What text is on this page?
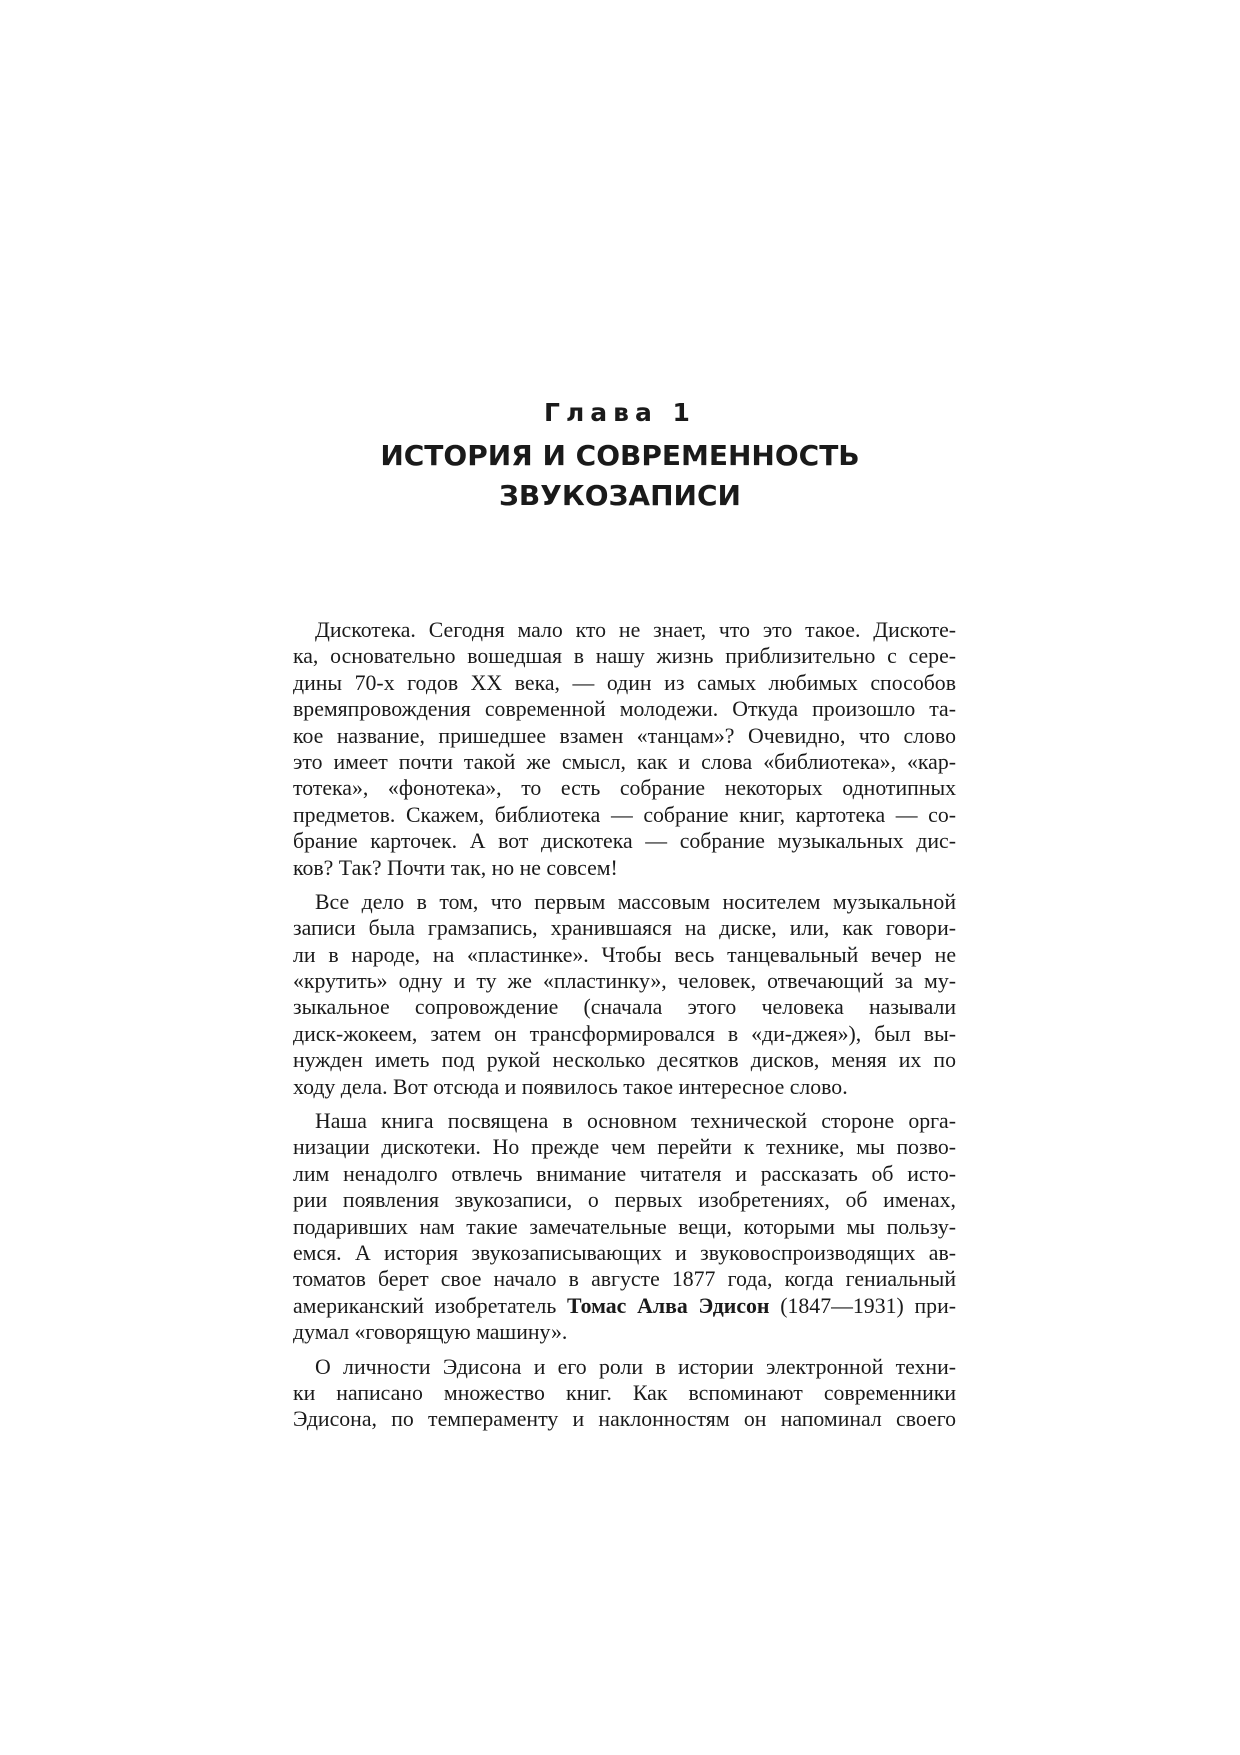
Глава 1
ИСТОРИЯ И СОВРЕМЕННОСТЬ
ЗВУКОЗАПИСИ
Дискотека. Сегодня мало кто не знает, что это такое. Дискоте-
ка, основательно вошедшая в нашу жизнь приблизительно с сере-
дины 70-х годов XX века, — один из самых любимых способов
времяпровождения современной молодежи. Откуда произошло та-
кое название, пришедшее взамен «танцам»? Очевидно, что слово
это имеет почти такой же смысл, как и слова «библиотека», «кар-
тотека», «фонотека», то есть собрание некоторых однотипных
предметов. Скажем, библиотека — собрание книг, картотека — со-
брание карточек. А вот дискотека — собрание музыкальных дис-
ков? Так? Почти так, но не совсем!
Все дело в том, что первым массовым носителем музыкальной
записи была грамзапись, хранившаяся на диске, или, как говори-
ли в народе, на «пластинке». Чтобы весь танцевальный вечер не
«крутить» одну и ту же «пластинку», человек, отвечающий за му-
зыкальное сопровождение (сначала этого человека называли
диск-жокеем, затем он трансформировался в «ди-джея»), был вы-
нужден иметь под рукой несколько десятков дисков, меняя их по
ходу дела. Вот отсюда и появилось такое интересное слово.
Наша книга посвящена в основном технической стороне орга-
низации дискотеки. Но прежде чем перейти к технике, мы позво-
лим ненадолго отвлечь внимание читателя и рассказать об исто-
рии появления звукозаписи, о первых изобретениях, об именах,
подаривших нам такие замечательные вещи, которыми мы пользу-
емся. А история звукозаписывающих и звуковоспроизводящих ав-
томатов берет свое начало в августе 1877 года, когда гениальный
американский изобретатель Томас Алва Эдисон (1847—1931) при-
думал «говорящую машину».
О личности Эдисона и его роли в истории электронной техни-
ки написано множество книг. Как вспоминают современники
Эдисона, по темпераменту и наклонностям он напоминал своего
